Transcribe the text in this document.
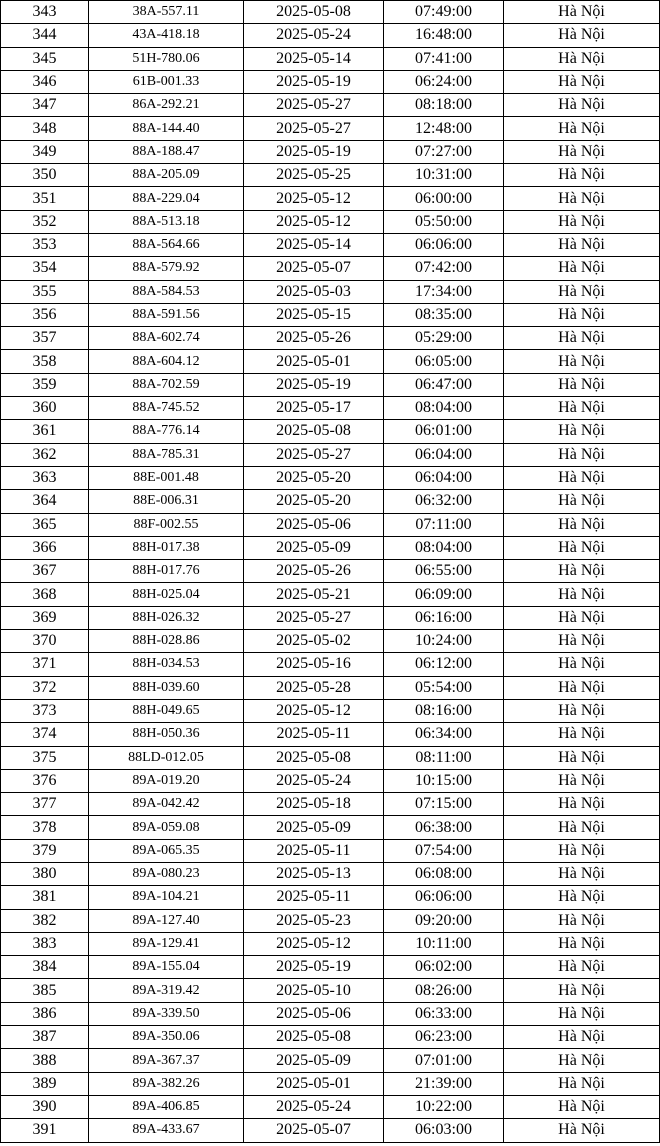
343	38A-557.11	2025-05-08	07:49:00	Hà Nội
344	43A-418.18	2025-05-24	16:48:00	Hà Nội
345	51H-780.06	2025-05-14	07:41:00	Hà Nội
346	61B-001.33	2025-05-19	06:24:00	Hà Nội
347	86A-292.21	2025-05-27	08:18:00	Hà Nội
348	88A-144.40	2025-05-27	12:48:00	Hà Nội
349	88A-188.47	2025-05-19	07:27:00	Hà Nội
350	88A-205.09	2025-05-25	10:31:00	Hà Nội
351	88A-229.04	2025-05-12	06:00:00	Hà Nội
352	88A-513.18	2025-05-12	05:50:00	Hà Nội
353	88A-564.66	2025-05-14	06:06:00	Hà Nội
354	88A-579.92	2025-05-07	07:42:00	Hà Nội
355	88A-584.53	2025-05-03	17:34:00	Hà Nội
356	88A-591.56	2025-05-15	08:35:00	Hà Nội
357	88A-602.74	2025-05-26	05:29:00	Hà Nội
358	88A-604.12	2025-05-01	06:05:00	Hà Nội
359	88A-702.59	2025-05-19	06:47:00	Hà Nội
360	88A-745.52	2025-05-17	08:04:00	Hà Nội
361	88A-776.14	2025-05-08	06:01:00	Hà Nội
362	88A-785.31	2025-05-27	06:04:00	Hà Nội
363	88E-001.48	2025-05-20	06:04:00	Hà Nội
364	88E-006.31	2025-05-20	06:32:00	Hà Nội
365	88F-002.55	2025-05-06	07:11:00	Hà Nội
366	88H-017.38	2025-05-09	08:04:00	Hà Nội
367	88H-017.76	2025-05-26	06:55:00	Hà Nội
368	88H-025.04	2025-05-21	06:09:00	Hà Nội
369	88H-026.32	2025-05-27	06:16:00	Hà Nội
370	88H-028.86	2025-05-02	10:24:00	Hà Nội
371	88H-034.53	2025-05-16	06:12:00	Hà Nội
372	88H-039.60	2025-05-28	05:54:00	Hà Nội
373	88H-049.65	2025-05-12	08:16:00	Hà Nội
374	88H-050.36	2025-05-11	06:34:00	Hà Nội
375	88LD-012.05	2025-05-08	08:11:00	Hà Nội
376	89A-019.20	2025-05-24	10:15:00	Hà Nội
377	89A-042.42	2025-05-18	07:15:00	Hà Nội
378	89A-059.08	2025-05-09	06:38:00	Hà Nội
379	89A-065.35	2025-05-11	07:54:00	Hà Nội
380	89A-080.23	2025-05-13	06:08:00	Hà Nội
381	89A-104.21	2025-05-11	06:06:00	Hà Nội
382	89A-127.40	2025-05-23	09:20:00	Hà Nội
383	89A-129.41	2025-05-12	10:11:00	Hà Nội
384	89A-155.04	2025-05-19	06:02:00	Hà Nội
385	89A-319.42	2025-05-10	08:26:00	Hà Nội
386	89A-339.50	2025-05-06	06:33:00	Hà Nội
387	89A-350.06	2025-05-08	06:23:00	Hà Nội
388	89A-367.37	2025-05-09	07:01:00	Hà Nội
389	89A-382.26	2025-05-01	21:39:00	Hà Nội
390	89A-406.85	2025-05-24	10:22:00	Hà Nội
391	89A-433.67	2025-05-07	06:03:00	Hà Nội
